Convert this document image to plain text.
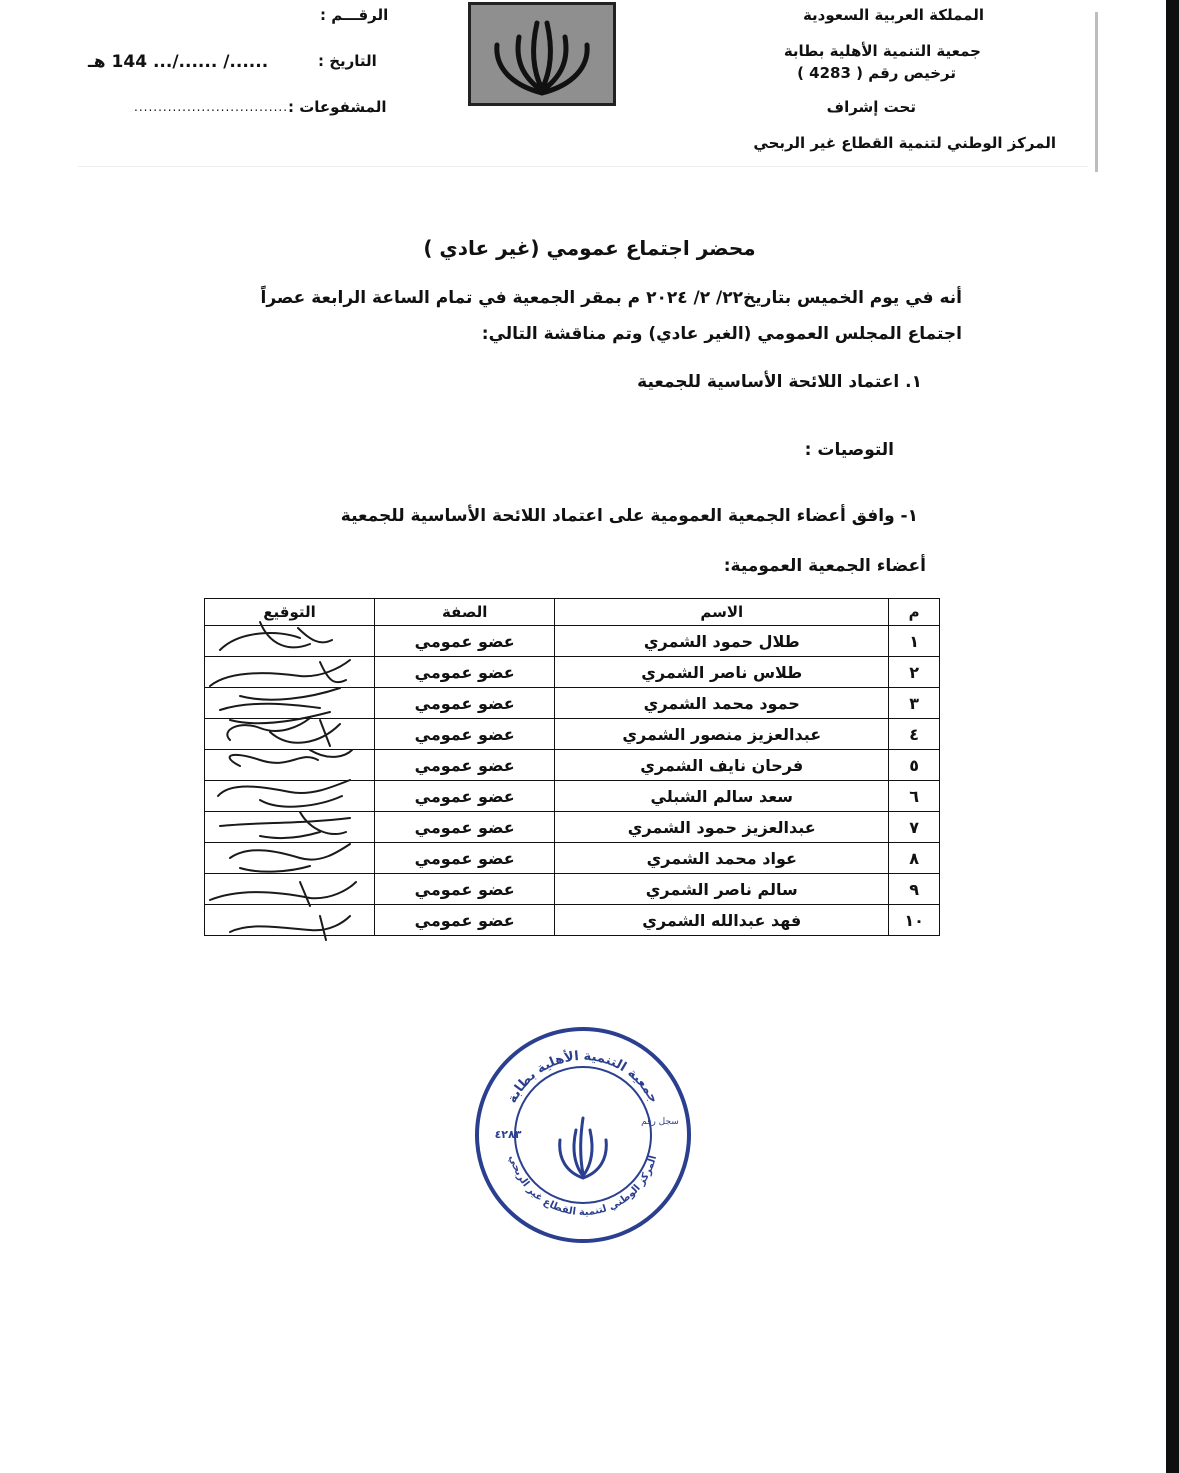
المملكة العربية السعودية
جمعية التنمية الأهلية بطابة
ترخيص رقم ( 4283 )
تحت إشراف
المركز الوطني لتنمية القطاع غير الربحي
الرقـــم :
التاريخ :
....../ ....../... 144 هـ
المشفوعات :
................................
محضر اجتماع عمومي (غير عادي )
أنه في يوم الخميس بتاريخ٢٢/ ٢/ ٢٠٢٤ م بمقر الجمعية في تمام الساعة الرابعة عصراً
اجتماع المجلس العمومي (الغير عادي) وتم مناقشة التالي:
١. اعتماد اللائحة الأساسية للجمعية
التوصيات :
١- وافق أعضاء الجمعية العمومية على اعتماد اللائحة الأساسية للجمعية
أعضاء الجمعية العمومية:
م	الاسم	الصفة	التوقيع
١	طلال حمود الشمري	عضو عمومي	
٢	طلاس ناصر الشمري	عضو عمومي	
٣	حمود محمد الشمري	عضو عمومي	
٤	عبدالعزيز منصور الشمري	عضو عمومي	
٥	فرحان نايف الشمري	عضو عمومي	
٦	سعد سالم الشبلي	عضو عمومي	
٧	عبدالعزيز حمود الشمري	عضو عمومي	
٨	عواد محمد الشمري	عضو عمومي	
٩	سالم ناصر الشمري	عضو عمومي	
١٠	فهد عبدالله الشمري	عضو عمومي	
جمعية التنمية الأهلية بطابة
المركز الوطني لتنمية القطاع غير الربحي
٤٢٨٣
سجل رقم
